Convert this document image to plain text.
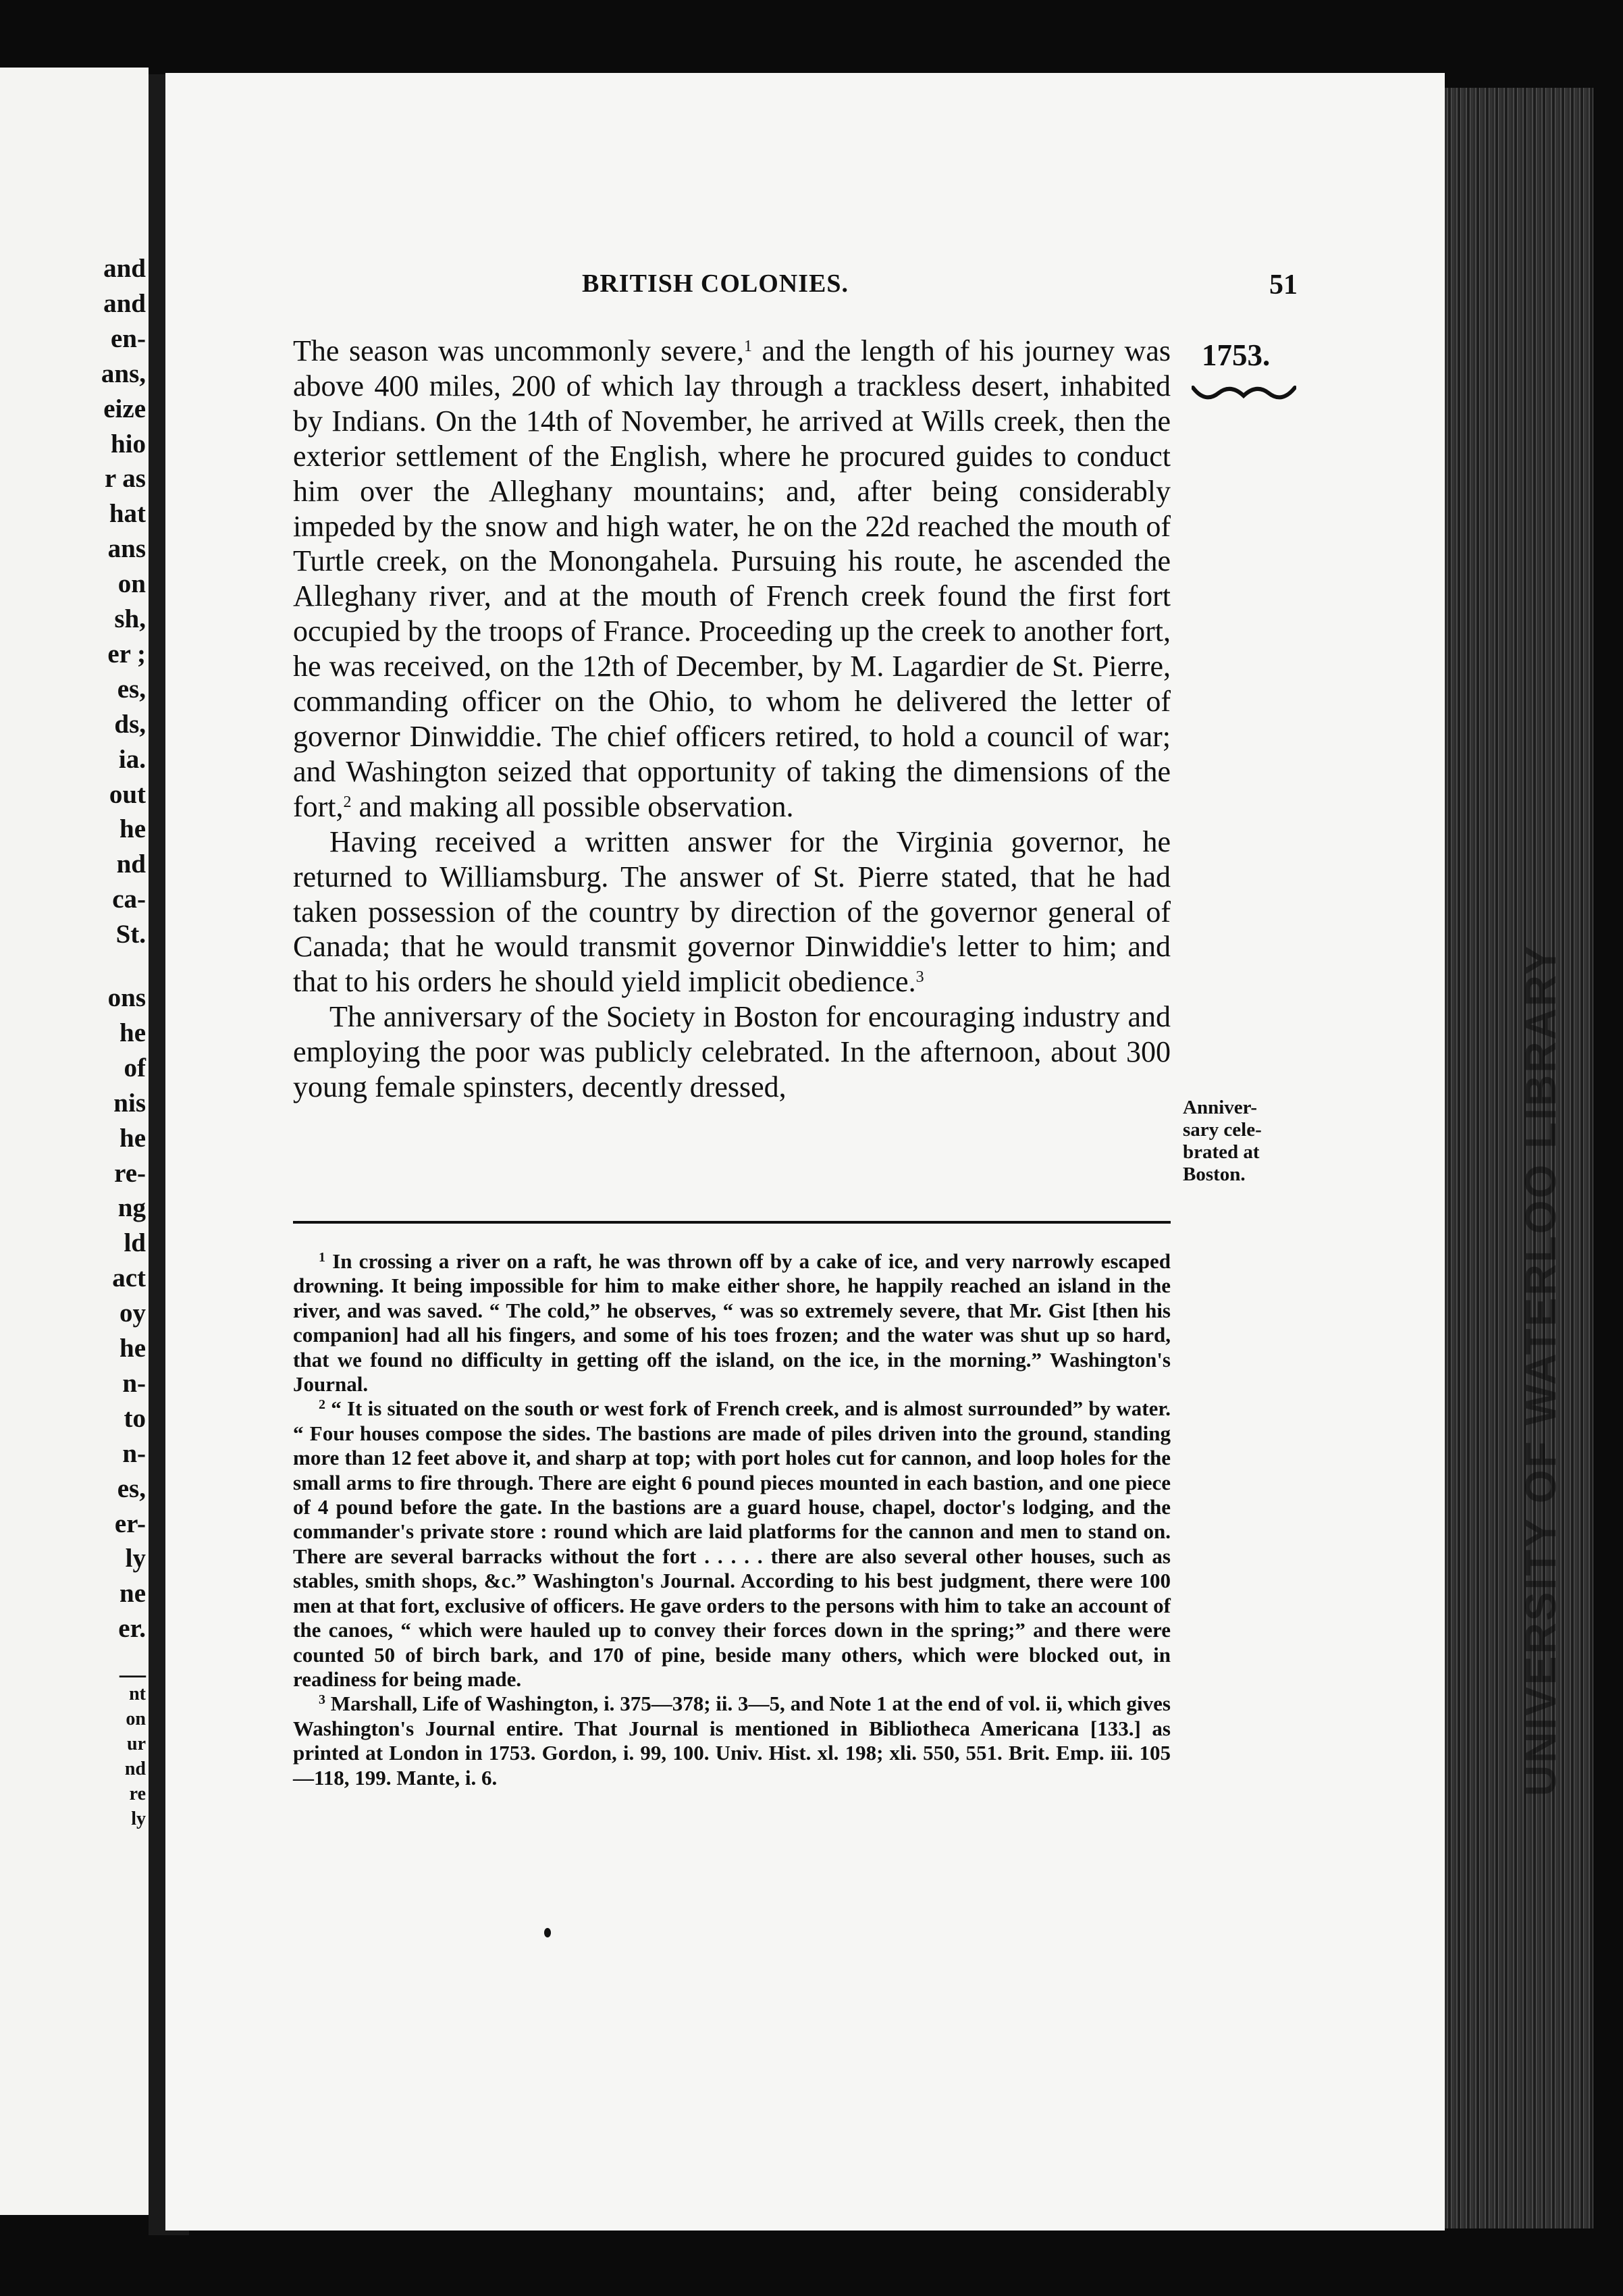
and
and
en-
ans,
eize
hio
r as
hat
ans
on
sh,
er ;
es,
ds,
ia.
out
he
nd
ca-
St.
ons
he
of
nis
he
re-
ng
ld
act
oy
he
n-
to
n-
es,
er-
ly
ne
er.
—
nt
on
ur
nd
re
ly
BRITISH COLONIES.	51
1753.

The season was uncommonly severe,$^1$ and the length of his journey was above 400 miles, 200 of which lay through a trackless desert, inhabited by Indians. On the 14th of November, he arrived at Wills creek, then the exterior settlement of the English, where he procured guides to conduct him over the Alleghany mountains; and, after being considerably impeded by the snow and high water, he on the 22d reached the mouth of Turtle creek, on the Monongahela. Pursuing his route, he ascended the Alleghany river, and at the mouth of French creek found the first fort occupied by the troops of France. Proceeding up the creek to another fort, he was received, on the 12th of December, by M. Lagardier de St. Pierre, commanding officer on the Ohio, to whom he delivered the letter of governor Dinwiddie. The chief officers retired, to hold a council of war; and Washington seized that opportunity of taking the dimensions of the fort,$^2$ and making all possible observation.

Having received a written answer for the Virginia governor, he returned to Williamsburg. The answer of St. Pierre stated, that he had taken possession of the country by direction of the governor general of Canada; that he would transmit governor Dinwiddie's letter to him; and that to his orders he should yield implicit obedience.$^3$

The anniversary of the Society in Boston for encouraging industry and employing the poor was publicly celebrated. In the afternoon, about 300 young female spinsters, decently dressed,

Anniver-
sary cele-
brated at
Boston.

$^1$ In crossing a river on a raft, he was thrown off by a cake of ice, and very narrowly escaped drowning. It being impossible for him to make either shore, he happily reached an island in the river, and was saved. “ The cold,” he observes, “ was so extremely severe, that Mr. Gist [then his companion] had all his fingers, and some of his toes frozen; and the water was shut up so hard, that we found no difficulty in getting off the island, on the ice, in the morning.” Washington's Journal.

$^2$ “ It is situated on the south or west fork of French creek, and is almost surrounded” by water. “ Four houses compose the sides. The bastions are made of piles driven into the ground, standing more than 12 feet above it, and sharp at top; with port holes cut for cannon, and loop holes for the small arms to fire through. There are eight 6 pound pieces mounted in each bastion, and one piece of 4 pound before the gate. In the bastions are a guard house, chapel, doctor's lodging, and the commander's private store : round which are laid platforms for the cannon and men to stand on. There are several barracks without the fort . . . . . there are also several other houses, such as stables, smith shops, &c.” Washington's Journal. According to his best judgment, there were 100 men at that fort, exclusive of officers. He gave orders to the persons with him to take an account of the canoes, “ which were hauled up to convey their forces down in the spring;” and there were counted 50 of birch bark, and 170 of pine, beside many others, which were blocked out, in readiness for being made.

$^3$ Marshall, Life of Washington, i. 375—378; ii. 3—5, and Note 1 at the end of vol. ii, which gives Washington's Journal entire. That Journal is mentioned in Bibliotheca Americana [133.] as printed at London in 1753. Gordon, i. 99, 100. Univ. Hist. xl. 198; xli. 550, 551. Brit. Emp. iii. 105—118, 199. Mante, i. 6.
